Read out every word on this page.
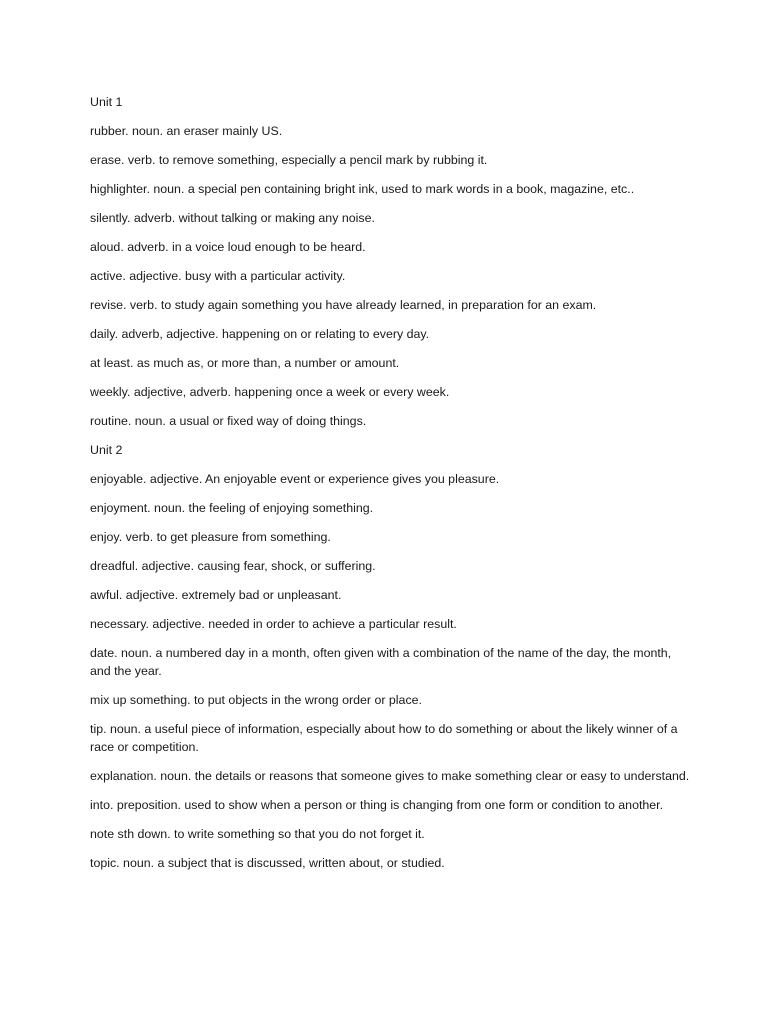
Unit 1

rubber. noun. an eraser mainly US.

erase. verb. to remove something, especially a pencil mark by rubbing it.

highlighter. noun. a special pen containing bright ink, used to mark words in a book, magazine, etc..

silently. adverb. without talking or making any noise.

aloud. adverb. in a voice loud enough to be heard.

active. adjective. busy with a particular activity.

revise. verb. to study again something you have already learned, in preparation for an exam.

daily. adverb, adjective. happening on or relating to every day.

at least. as much as, or more than, a number or amount.

weekly. adjective, adverb. happening once a week or every week.

routine. noun. a usual or fixed way of doing things.

Unit 2

enjoyable. adjective. An enjoyable event or experience gives you pleasure.

enjoyment. noun. the feeling of enjoying something.

enjoy. verb. to get pleasure from something.

dreadful. adjective. causing fear, shock, or suffering.

awful. adjective. extremely bad or unpleasant.

necessary. adjective. needed in order to achieve a particular result.

date. noun. a numbered day in a month, often given with a combination of the name of the day, the month, and the year.

mix up something. to put objects in the wrong order or place.

tip. noun. a useful piece of information, especially about how to do something or about the likely winner of a race or competition.

explanation. noun. the details or reasons that someone gives to make something clear or easy to understand.

into. preposition. used to show when a person or thing is changing from one form or condition to another.

note sth down. to write something so that you do not forget it.

topic. noun. a subject that is discussed, written about, or studied.
